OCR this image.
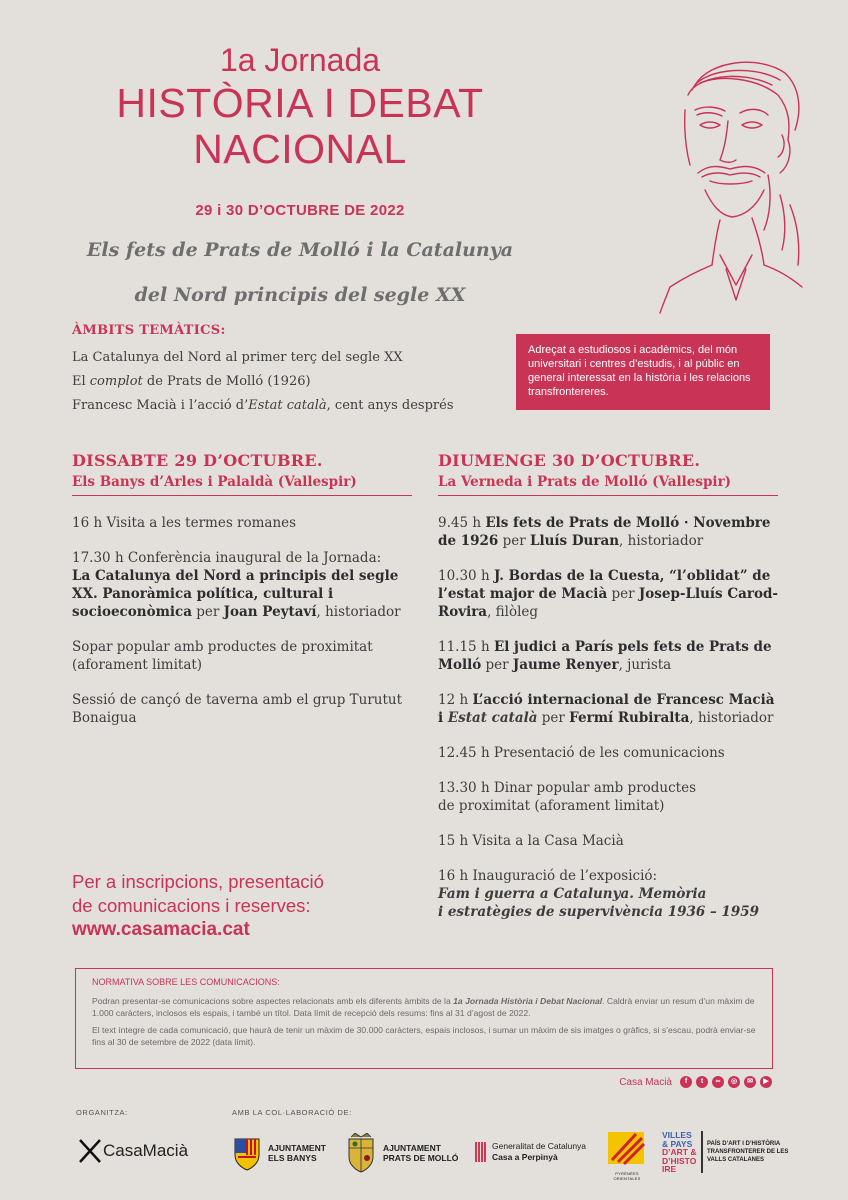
1a Jornada
HISTÒRIA I DEBAT
NACIONAL
29 i 30 D’OCTUBRE DE 2022
Els fets de Prats de Molló i la Catalunya
del Nord principis del segle XX
ÀMBITS TEMÀTICS:
La Catalunya del Nord al primer terç del segle XX
El complot de Prats de Molló (1926)
Francesc Macià i l’acció d’Estat català, cent anys després
Adreçat a estudiosos i acadèmics, del món universitari i centres d’estudis, i al públic en general interessat en la història i les relacions transfrontereres.
DISSABTE 29 D’OCTUBRE.
Els Banys d’Arles i Palaldà (Vallespir)
16 h Visita a les termes romanes
17.30 h Conferència inaugural de la Jornada:
La Catalunya del Nord a principis del segle XX. Panoràmica política, cultural i socioeconòmica per Joan Peytaví, historiador
Sopar popular amb productes de proximitat (aforament limitat)
Sessió de cançó de taverna amb el grup Turutut Bonaigua
DIUMENGE 30 D’OCTUBRE.
La Verneda i Prats de Molló (Vallespir)
9.45 h Els fets de Prats de Molló · Novembre de 1926 per Lluís Duran, historiador
10.30 h J. Bordas de la Cuesta, “l’oblidat” de l’estat major de Macià per Josep-Lluís Carod-Rovira, filòleg
11.15 h El judici a París pels fets de Prats de Molló per Jaume Renyer, jurista
12 h L’acció internacional de Francesc Macià i Estat català per Fermí Rubiralta, historiador
12.45 h Presentació de les comunicacions
13.30 h Dinar popular amb productes
de proximitat (aforament limitat)
15 h Visita a la Casa Macià
16 h Inauguració de l’exposició:
Fam i guerra a Catalunya. Memòria
i estratègies de supervivència 1936 – 1959
Per a inscripcions, presentació
de comunicacions i reserves:
www.casamacia.cat
NORMATIVA SOBRE LES COMUNICACIONS:
Podran presentar-se comunicacions sobre aspectes relacionats amb els diferents àmbits de la 1a Jornada Història i Debat Nacional. Caldrà enviar un resum d’un màxim de 1.000 caràcters, inclosos els espais, i també un títol. Data límit de recepció dels resums: fins al 31 d’agost de 2022.
El text íntegre de cada comunicació, que haurà de tenir un màxim de 30.000 caràcters, espais inclosos, i sumar un màxim de sis imatges o gràfics, si s’escau, podrà enviar-se fins al 30 de setembre de 2022 (data límit).
Casa Macià	f	t	∞	◎	✉	▶
ORGANITZA:	AMB LA COL·LABORACIÓ DE:
CasaMacià	AJUNTAMENT
ELS BANYS
AJUNTAMENT
PRATS DE MOLLÓ
Generalitat de Catalunya
Casa a Perpinyà
PYRÉNÉES ORIENTALES
VILLES
& PAYS
D’ART &
D’HISTO
IRE
PAÍS D’ART I D’HISTÒRIA
TRANSFRONTERER DE LES
VALLS CATALANES
